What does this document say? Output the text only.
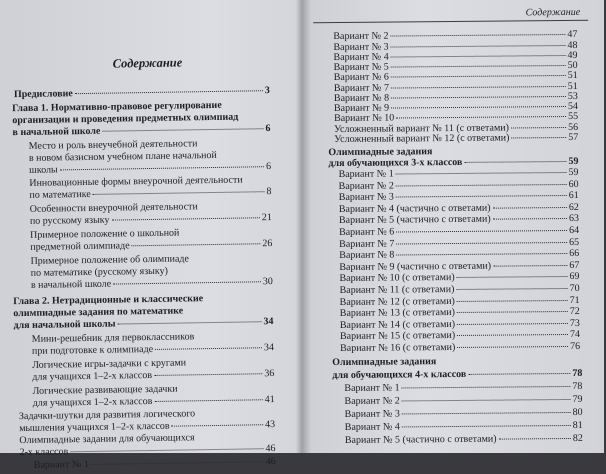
Содержание
Предисловие	3
Глава 1. Нормативно-правовое регулирование
организации и проведения предметных олимпиад
в начальной школе	6
Место и роль внеучебной деятельности
в новом базисном учебном плане начальной
школы	6
Инновационные формы внеурочной деятельности
по математике	8
Особенности внеурочной деятельности
по русскому языку	21
Примерное положение о школьной
предметной олимпиаде	26
Примерное положение об олимпиаде
по математике (русскому языку)
в начальной школе	30
Глава 2. Нетрадиционные и классические
олимпиадные задания по математике
для начальной школы	34
Мини-решебник для первоклассников
при подготовке к олимпиаде	34
Логические игры-задачки с кругами
для учащихся 1–2-х классов	36
Логические развивающие задачки
для учащихся 1–2-х классов	41
Задачки-шутки для развития логического
мышления учащихся 1–2-х классов	43
Олимпиадные задании для обучающихся
2-х классов	46
Вариант № 1	46
Содержание
Вариант № 2	47
Вариант № 3	48
Вариант № 4	49
Вариант № 5	50
Вариант № 6	51
Вариант № 7	51
Вариант № 8	53
Вариант № 9	54
Вариант № 10	55
Усложненный вариант № 11 (с ответами)	56
Усложненный вариант № 12 (с ответами)	57
Олимпиадные задания
для обучающихся 3-х классов	59
Вариант № 1	59
Вариант № 2	60
Вариант № 3	61
Вариант № 4 (частично с ответами)	62
Вариант № 5 (частично с ответами)	63
Вариант № 6	64
Вариант № 7	65
Вариант № 8	66
Вариант № 9 (частично с ответами)	67
Вариант № 10 (с ответами)	69
Вариант № 11 (с ответами)	70
Вариант № 12 (с ответами)	71
Вариант № 13 (с ответами)	72
Вариант № 14 (с ответами)	73
Вариант № 15 (с ответами)	74
Вариант № 16 (с ответами)	76
Олимпиадные задания
для обучающихся 4-х классов	78
Вариант № 1	78
Вариант № 2	79
Вариант № 3	80
Вариант № 4	81
Вариант № 5 (частично с ответами)	82
